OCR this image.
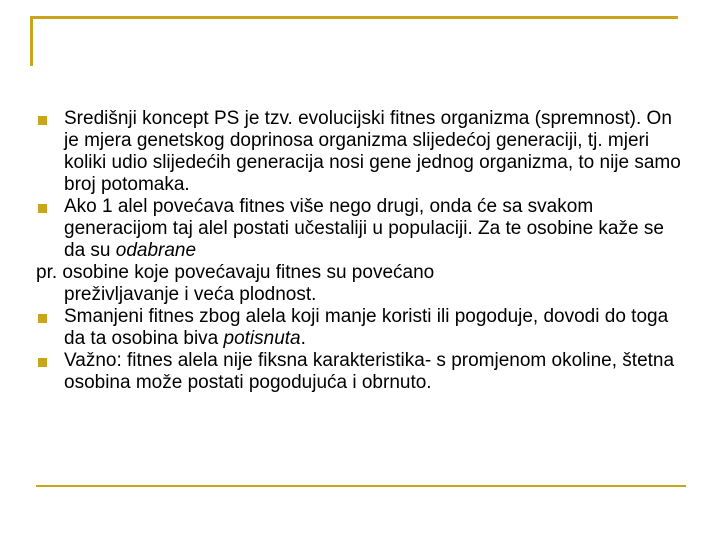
Središnji koncept PS je tzv. evolucijski fitnes organizma (spremnost). On je mjera genetskog doprinosa organizma slijedećoj generaciji, tj. mjeri koliki udio slijedećih generacija nosi gene jednog organizma, to nije samo broj potomaka.
Ako 1 alel povećava fitnes više nego drugi, onda će sa svakom generacijom taj alel postati učestaliji u populaciji. Za te osobine kaže se da su odabrane
pr. osobine koje povećavaju fitnes su povećano
preživljavanje i veća plodnost.
Smanjeni fitnes zbog alela koji manje koristi ili pogoduje, dovodi do toga da ta osobina biva potisnuta.
Važno: fitnes alela nije fiksna karakteristika- s promjenom okoline, štetna osobina može postati pogodujuća i obrnuto.
